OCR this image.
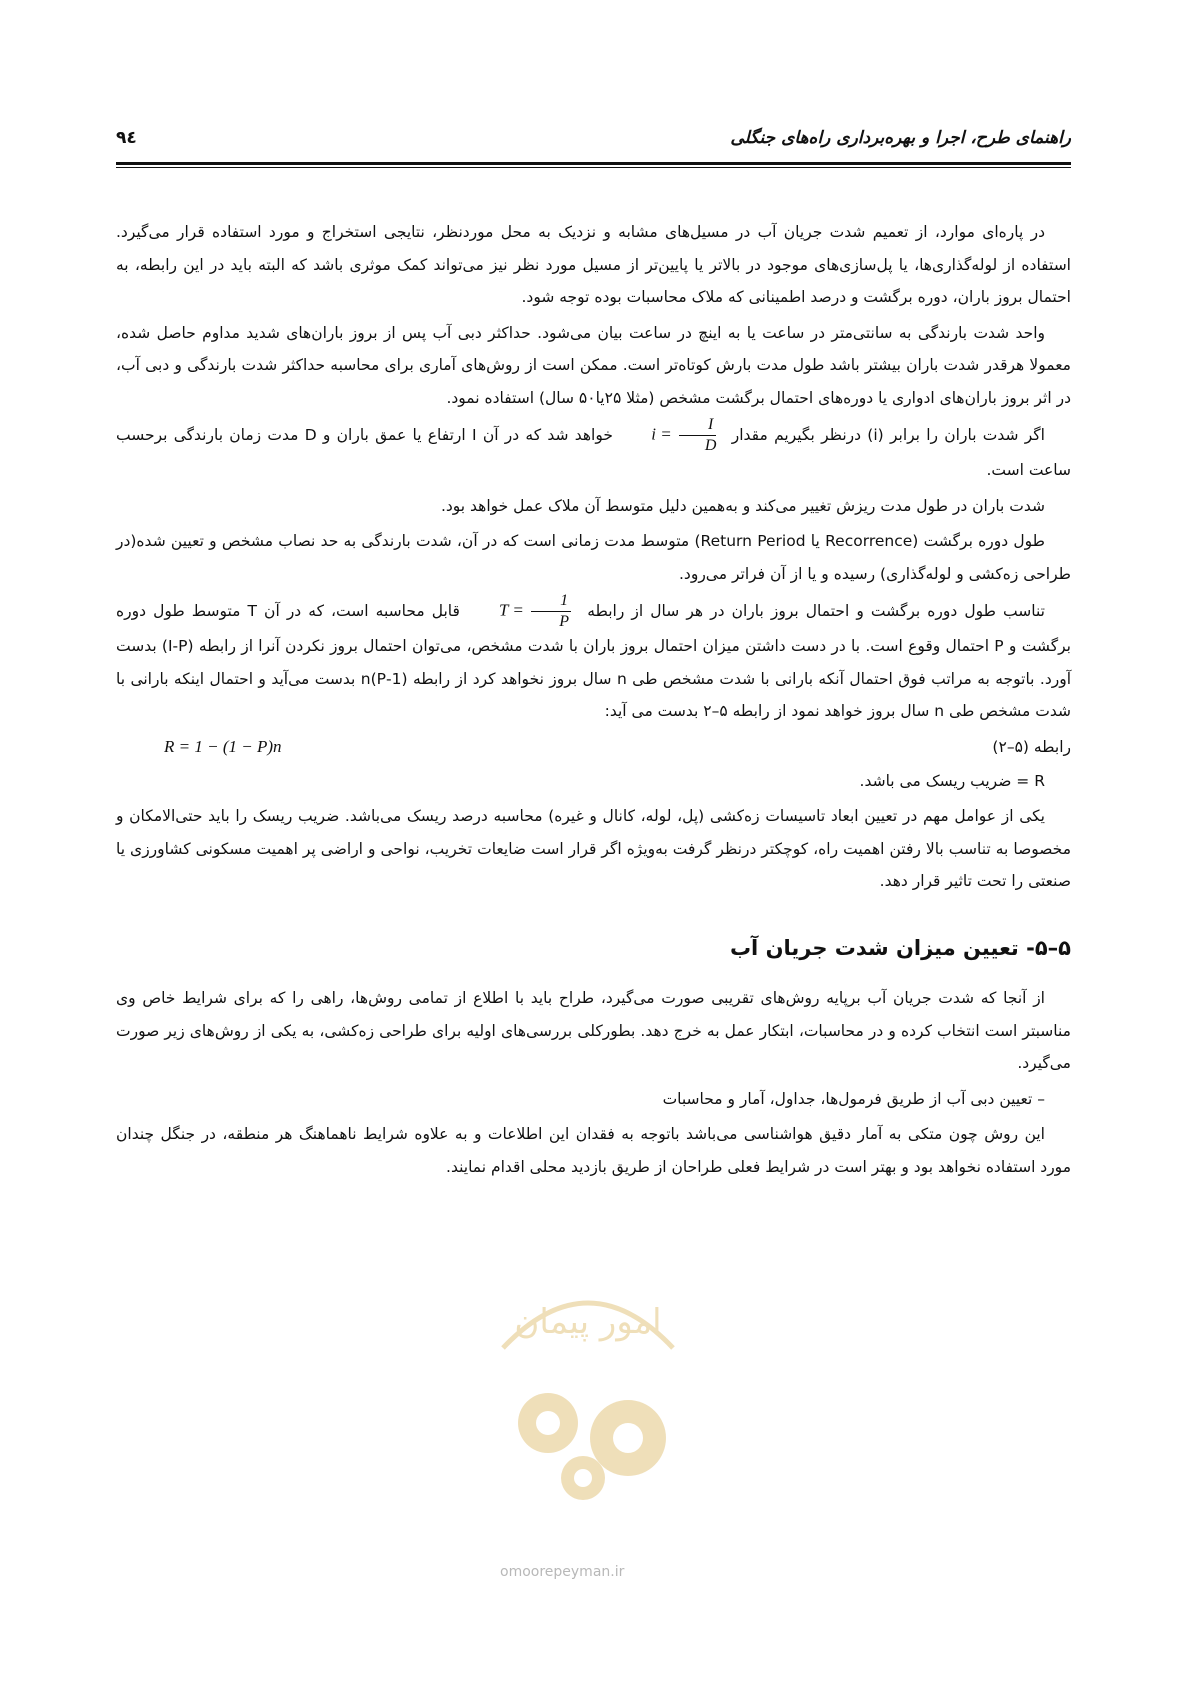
راهنمای طرح، اجرا و بهره‌برداری راه‌های جنگلی
۹٤

در پاره‌ای موارد، از تعمیم شدت جریان آب در مسیل‌های مشابه و نزدیک به محل موردنظر، نتایجی استخراج و مورد استفاده قرار می‌گیرد. استفاده از لوله‌گذاری‌ها، یا پل‌سازی‌های موجود در بالاتر یا پایین‌تر از مسیل مورد نظر نیز می‌تواند کمک موثری باشد که البته باید در این رابطه، به احتمال بروز باران، دوره برگشت و درصد اطمینانی که ملاک محاسبات بوده توجه شود.

واحد شدت بارندگی به سانتی‌متر در ساعت یا به اینچ در ساعت بیان می‌شود. حداکثر دبی آب پس از بروز باران‌های شدید مداوم حاصل شده، معمولا هرقدر شدت باران بیشتر باشد طول مدت بارش کوتاه‌تر است. ممکن است از روش‌های آماری برای محاسبه حداکثر شدت بارندگی و دبی آب، در اثر بروز باران‌های ادواری یا دوره‌های احتمال برگشت مشخص (مثلا ۲۵یا۵۰ سال) استفاده نمود.

اگر شدت باران را برابر (i) درنظر بگیریم مقدار $i = \frac{I}{D}$
خواهد شد که در آن I ارتفاع یا عمق باران و D مدت زمان بارندگی برحسب ساعت است.

شدت باران در طول مدت ریزش تغییر می‌کند و به‌همین دلیل متوسط آن ملاک عمل خواهد بود.

طول دوره برگشت (Recorrence یا Return Period) متوسط مدت زمانی است که در آن، شدت بارندگی به حد نصاب مشخص و تعیین شده(در طراحی زه‌کشی و لوله‌گذاری) رسیده و یا از آن فراتر می‌رود.

تناسب طول دوره برگشت و احتمال بروز باران در هر سال از رابطه $T = \frac{1}{P}$
قابل محاسبه است، که در آن T متوسط طول دوره برگشت و P احتمال وقوع است. با در دست داشتن میزان احتمال بروز باران با شدت مشخص، می‌توان احتمال بروز نکردن آنرا از رابطه (I-P) بدست آورد. باتوجه به مراتب فوق احتمال آنکه بارانی با شدت مشخص طی n سال بروز نخواهد کرد از رابطه (1-P)n بدست می‌آید و احتمال اینکه بارانی با شدت مشخص طی n سال بروز خواهد نمود از رابطه ۵–۲ بدست می آید:

رابطه (۵–۲)
R = 1 − (1 − P)n

R = ضریب ریسک می باشد.

یکی از عوامل مهم در تعیین ابعاد تاسیسات زه‌کشی (پل، لوله، کانال و غیره) محاسبه درصد ریسک می‌باشد. ضریب ریسک را باید حتی‌الامکان و مخصوصا به تناسب بالا رفتن اهمیت راه، کوچکتر درنظر گرفت به‌ویژه اگر قرار است ضایعات تخریب، نواحی و اراضی پر اهمیت مسکونی کشاورزی یا صنعتی را تحت تاثیر قرار دهد.

۵–۵- تعیین میزان شدت جریان آب

از آنجا که شدت جریان آب برپایه روش‌های تقریبی صورت می‌گیرد، طراح باید با اطلاع از تمامی روش‌ها، راهی را که برای شرایط خاص وی مناسبتر است انتخاب کرده و در محاسبات، ابتکار عمل به خرج دهد. بطورکلی بررسی‌های اولیه برای طراحی زه‌کشی، به یکی از روش‌های زیر صورت می‌گیرد.

– تعیین دبی آب از طریق فرمول‌ها، جداول، آمار و محاسبات

این روش چون متکی به آمار دقیق هواشناسی می‌باشد باتوجه به فقدان این اطلاعات و به علاوه شرایط ناهماهنگ هر منطقه، در جنگل چندان مورد استفاده نخواهد بود و بهتر است در شرایط فعلی طراحان از طریق بازدید محلی اقدام نمایند.

امور پیمان
omoorepeyman.ir
